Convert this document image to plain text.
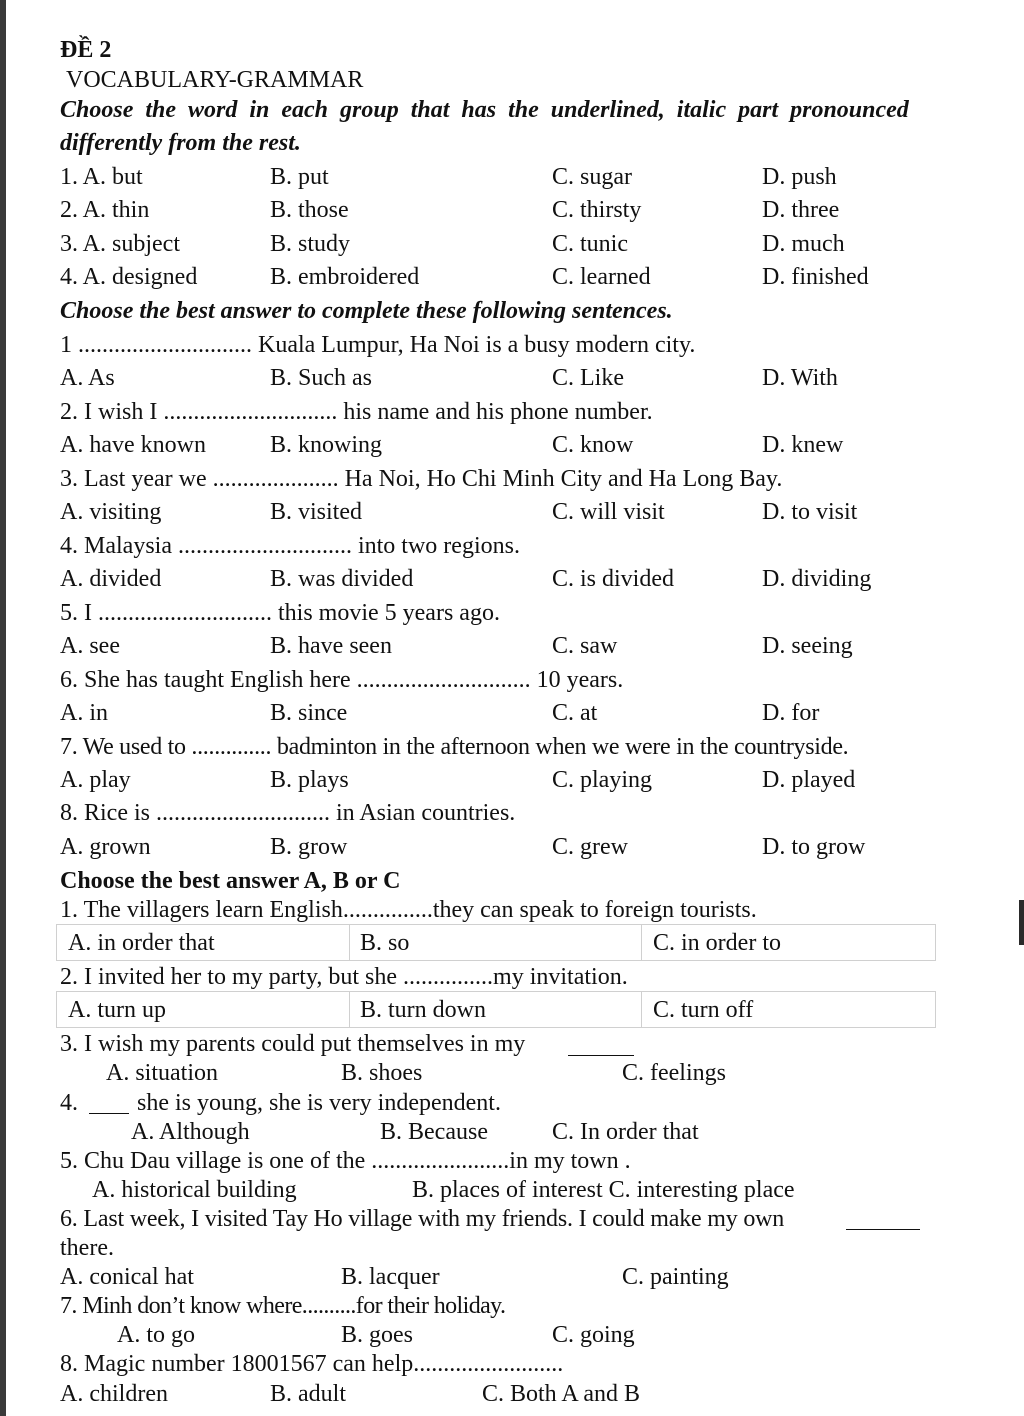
ĐỀ 2
VOCABULARY-GRAMMAR
Choose the word in each group that has the underlined, italic part pronounced
differently from the rest.
1. A. but	B. put	C. sugar	D. push
2. A. thin	B. those	C. thirsty	D. three
3. A. subject	B. study	C. tunic	D. much
4. A. designed	B. embroidered	C. learned	D. finished
Choose the best answer to complete these following sentences.
1 ............................. Kuala Lumpur, Ha Noi is a busy modern city.
A. As	B. Such as	C. Like	D. With
2. I wish I ............................. his name and his phone number.
A. have known	B. knowing	C. know	D. knew
3. Last year we ..................... Ha Noi, Ho Chi Minh City and Ha Long Bay.
A. visiting	B. visited	C. will visit	D. to visit
4. Malaysia ............................. into two regions.
A. divided	B. was divided	C. is divided	D. dividing
5. I ............................. this movie 5 years ago.
A. see	B. have seen	C. saw	D. seeing
6. She has taught English here ............................. 10 years.
A. in	B. since	C. at	D. for
7. We used to .............. badminton in the afternoon when we were in the countryside.
A. play	B. plays	C. playing	D. played
8. Rice is ............................. in Asian countries.
A. grown	B. grow	C. grew	D. to grow
Choose the best answer A, B or C
1. The villagers learn English...............they can speak to foreign tourists.
A. in order that	B. so	C. in order to
2. I invited her to my party, but she ...............my invitation.
A. turn up	B. turn down	C. turn off
3. I wish my parents could put themselves in my
A. situation	B. shoes	C. feelings
4. she is young, she is very independent.
A. Although	B. Because	C. In order that
5. Chu Dau village is one of the .......................in my town .
A. historical building	B. places of interest C. interesting place
6. Last week, I visited Tay Ho village with my friends. I could make my own
there.
A. conical hat	B. lacquer	C. painting
7. Minh don’t know where..........for their holiday.
A. to go	B. goes	C. going
8. Magic number 18001567 can help.........................
A. children	B. adult	C. Both A and B
